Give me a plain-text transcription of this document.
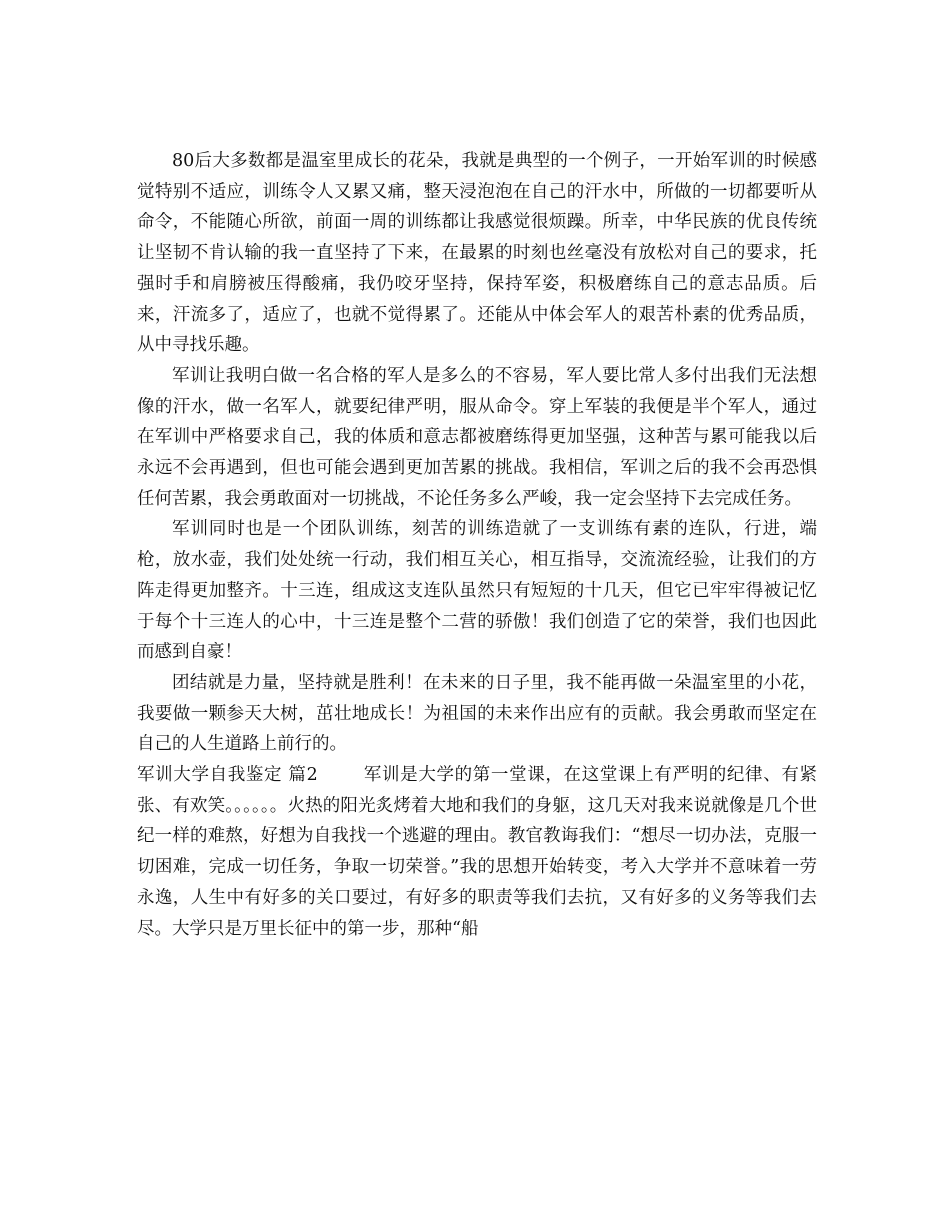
80后大多数都是温室里成长的花朵，我就是典型的一个例子，一开始军训的时候感觉特别不适应，训练令人又累又痛，整天浸泡泡在自己的汗水中，所做的一切都要听从命令，不能随心所欲，前面一周的训练都让我感觉很烦躁。所幸，中华民族的优良传统让坚韧不肯认输的我一直坚持了下来，在最累的时刻也丝毫没有放松对自己的要求，托强时手和肩膀被压得酸痛，我仍咬牙坚持，保持军姿，积极磨练自己的意志品质。后来，汗流多了，适应了，也就不觉得累了。还能从中体会军人的艰苦朴素的优秀品质，从中寻找乐趣。

军训让我明白做一名合格的军人是多么的不容易，军人要比常人多付出我们无法想像的汗水，做一名军人，就要纪律严明，服从命令。穿上军装的我便是半个军人，通过在军训中严格要求自己，我的体质和意志都被磨练得更加坚强，这种苦与累可能我以后永远不会再遇到，但也可能会遇到更加苦累的挑战。我相信，军训之后的我不会再恐惧任何苦累，我会勇敢面对一切挑战，不论任务多么严峻，我一定会坚持下去完成任务。

军训同时也是一个团队训练，刻苦的训练造就了一支训练有素的连队，行进，端枪，放水壶，我们处处统一行动，我们相互关心，相互指导，交流流经验，让我们的方阵走得更加整齐。十三连，组成这支连队虽然只有短短的十几天，但它已牢牢得被记忆于每个十三连人的心中，十三连是整个二营的骄傲！我们创造了它的荣誉，我们也因此而感到自豪！

团结就是力量，坚持就是胜利！在未来的日子里，我不能再做一朵温室里的小花，我要做一颗参天大树，茁壮地成长！为祖国的未来作出应有的贡献。我会勇敢而坚定在自己的人生道路上前行的。

军训大学自我鉴定 篇2	军训是大学的第一堂课，在这堂课上有严明的纪律、有紧张、有欢笑。。。。。。火热的阳光炙烤着大地和我们的身躯，这几天对我来说就像是几个世纪一样的难熬，好想为自我找一个逃避的理由。教官教诲我们：“想尽一切办法，克服一切困难，完成一切任务，争取一切荣誉。”我的思想开始转变，考入大学并不意味着一劳永逸，人生中有好多的关口要过，有好多的职责等我们去抗，又有好多的义务等我们去尽。大学只是万里长征中的第一步，那种“船
